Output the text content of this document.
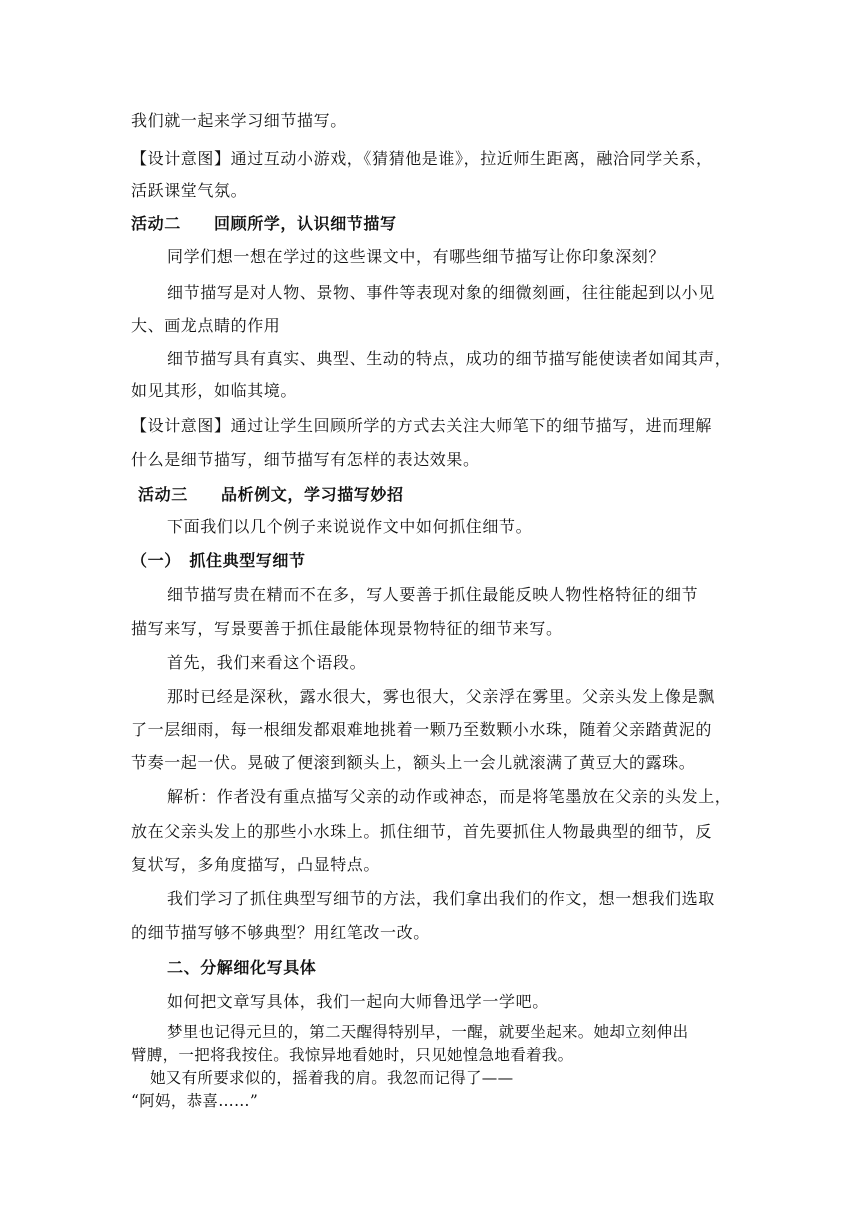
我们就一起来学习细节描写。
【设计意图】通过互动小游戏，《猜猜他是谁》，拉近师生距离，融洽同学关系，
活跃课堂气氛。
活动二　　回顾所学，认识细节描写
同学们想一想在学过的这些课文中，有哪些细节描写让你印象深刻？
细节描写是对人物、景物、事件等表现对象的细微刻画，往往能起到以小见
大、画龙点睛的作用
细节描写具有真实、典型、生动的特点，成功的细节描写能使读者如闻其声，
如见其形，如临其境。
【设计意图】通过让学生回顾所学的方式去关注大师笔下的细节描写，进而理解
什么是细节描写，细节描写有怎样的表达效果。
活动三　　品析例文，学习描写妙招
下面我们以几个例子来说说作文中如何抓住细节。
（一）　抓住典型写细节
细节描写贵在精而不在多，写人要善于抓住最能反映人物性格特征的细节
描写来写，写景要善于抓住最能体现景物特征的细节来写。
首先，我们来看这个语段。
那时已经是深秋，露水很大，雾也很大，父亲浮在雾里。父亲头发上像是飘
了一层细雨，每一根细发都艰难地挑着一颗乃至数颗小水珠，随着父亲踏黄泥的
节奏一起一伏。晃破了便滚到额头上，额头上一会儿就滚满了黄豆大的露珠。
解析：作者没有重点描写父亲的动作或神态，而是将笔墨放在父亲的头发上，
放在父亲头发上的那些小水珠上。抓住细节，首先要抓住人物最典型的细节，反
复状写，多角度描写，凸显特点。
我们学习了抓住典型写细节的方法，我们拿出我们的作文，想一想我们选取
的细节描写够不够典型？用红笔改一改。
二、分解细化写具体
如何把文章写具体，我们一起向大师鲁迅学一学吧。
梦里也记得元旦的，第二天醒得特别早，一醒，就要坐起来。她却立刻伸出
臂膊，一把将我按住。我惊异地看她时，只见她惶急地看着我。
她又有所要求似的，摇着我的肩。我忽而记得了——
“阿妈，恭喜……”
